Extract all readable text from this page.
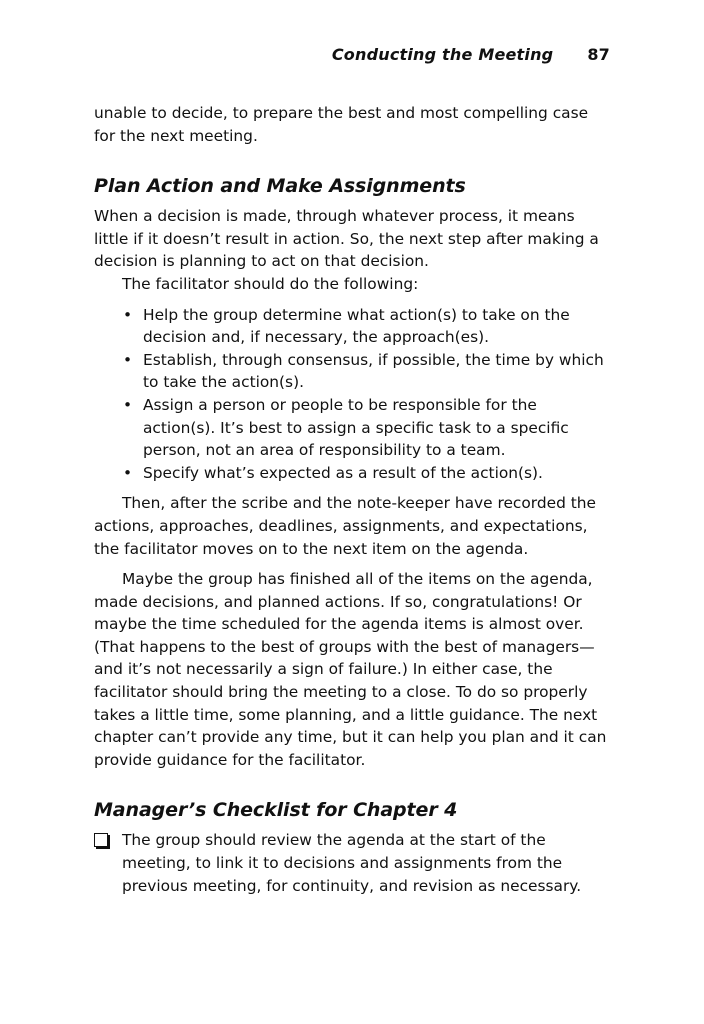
Conducting the Meeting 87

unable to decide, to prepare the best and most compelling case for the next meeting.

Plan Action and Make Assignments

When a decision is made, through whatever process, it means little if it doesn’t result in action. So, the next step after making a decision is planning to act on that decision.

The facilitator should do the following:

• Help the group determine what action(s) to take on the decision and, if necessary, the approach(es).
• Establish, through consensus, if possible, the time by which to take the action(s).
• Assign a person or people to be responsible for the action(s). It’s best to assign a specific task to a specific person, not an area of responsibility to a team.
• Specify what’s expected as a result of the action(s).

Then, after the scribe and the note-keeper have recorded the actions, approaches, deadlines, assignments, and expectations, the facilitator moves on to the next item on the agenda.

Maybe the group has finished all of the items on the agenda, made decisions, and planned actions. If so, congratulations! Or maybe the time scheduled for the agenda items is almost over. (That happens to the best of groups with the best of managers—and it’s not necessarily a sign of failure.) In either case, the facilitator should bring the meeting to a close. To do so properly takes a little time, some planning, and a little guidance. The next chapter can’t provide any time, but it can help you plan and it can provide guidance for the facilitator.

Manager’s Checklist for Chapter 4
The group should review the agenda at the start of the meeting, to link it to decisions and assignments from the previous meeting, for continuity, and revision as necessary.
